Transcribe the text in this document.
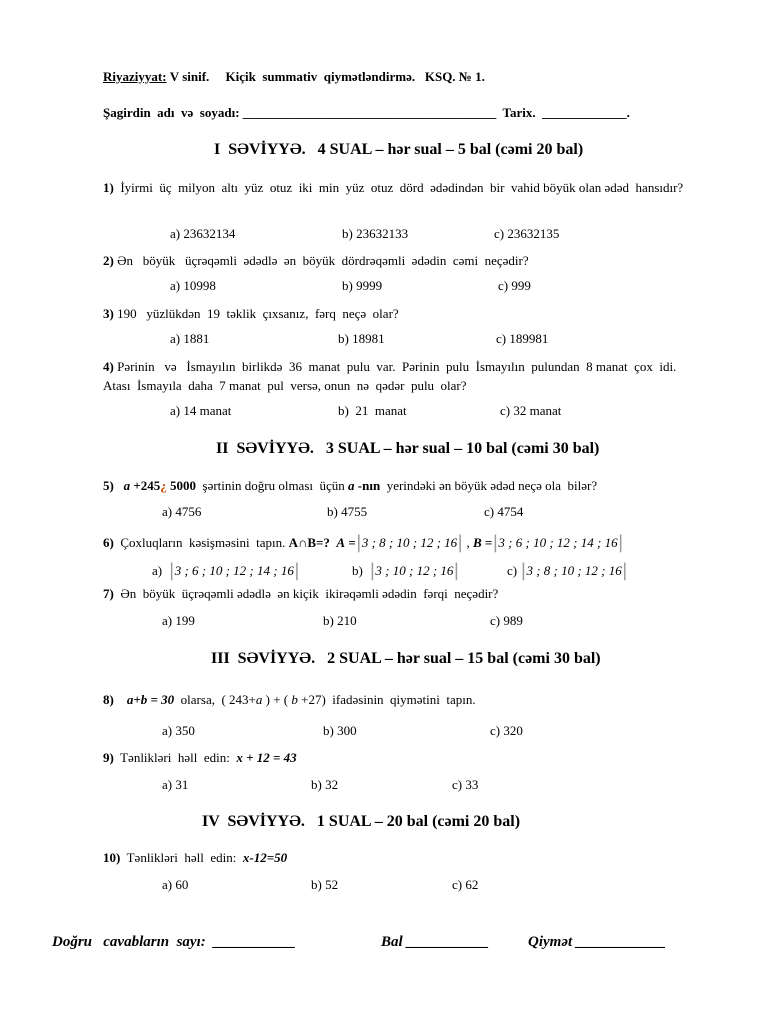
Riyaziyyat: V sinif.     Kiçik  summativ  qiymətləndirmə.   KSQ. № 1.
Şagirdin  adı  və  soyadı: _______________________________________ Tarix. _____________.
I  SƏVİYYƏ.   4 SUAL – hər sual – 5 bal (cəmi 20 bal)
1)  İyirmi  üç  milyon  altı  yüz  otuz  iki  min  yüz  otuz  dörd  ədədindən  bir  vahid böyük olan ədəd  hansıdır?
a) 23632134	b) 23632133	c) 23632135
2) Ən   böyük   üçrəqəmli  ədədlə  ən  böyük  dördrəqəmli  ədədin  cəmi  neçədir?
a) 10998	b) 9999	c) 999
3) 190   yüzlükdən  19  təklik  çıxsanız,  fərq  neçə  olar?
a) 1881	b) 18981	c) 189981
4) Pərinin   və   İsmayılın  birlikdə  36  manat  pulu  var.  Pərinin  pulu  İsmayılın  pulundan  8 manat  çox  idi.  Atası  İsmayıla  daha  7 manat  pul  versə, onun  nə  qədər  pulu  olar?
a) 14 manat	b)  21  manat	c) 32 manat
II  SƏVİYYƏ.   3 SUAL – hər sual – 10 bal (cəmi 30 bal)
5) a +245¿ 5000  şərtinin doğru olması  üçün a -nın  yerindəki ən böyük ədəd neçə ola  bilər?
a) 4756	b) 4755	c) 4754
6)  Çoxluqların  kəsişməsini  tapın. A∩B=? A =|3 ; 8 ; 10 ; 12 ; 16| , B =|3 ; 6 ; 10 ; 12 ; 14 ; 16|
a) |3 ; 6 ; 10 ; 12 ; 14 ; 16|	b) |3 ; 10 ; 12 ; 16|	c) |3 ; 8 ; 10 ; 12 ; 16|
7)  Ən  böyük  üçrəqəmli ədədlə  ən kiçik  ikirəqəmli ədədin  fərqi  neçədir?
a) 199	b) 210	c) 989
III  SƏVİYYƏ.   2 SUAL – hər sual – 15 bal (cəmi 30 bal)
8) a+b = 30  olarsa,  ( 243+a ) + ( b +27)  ifadəsinin  qiymətini  tapın.
a) 350	b) 300	c) 320
9)  Tənlikləri  həll  edin:  x + 12 = 43
a) 31	b) 32	c) 33
IV  SƏVİYYƏ.   1 SUAL – 20 bal (cəmi 20 bal)
10)  Tənlikləri  həll  edin:  x-12=50
a) 60	b) 52	c) 62
Doğru   cavabların  sayı: ___________	Bal ___________	Qiymət ____________
